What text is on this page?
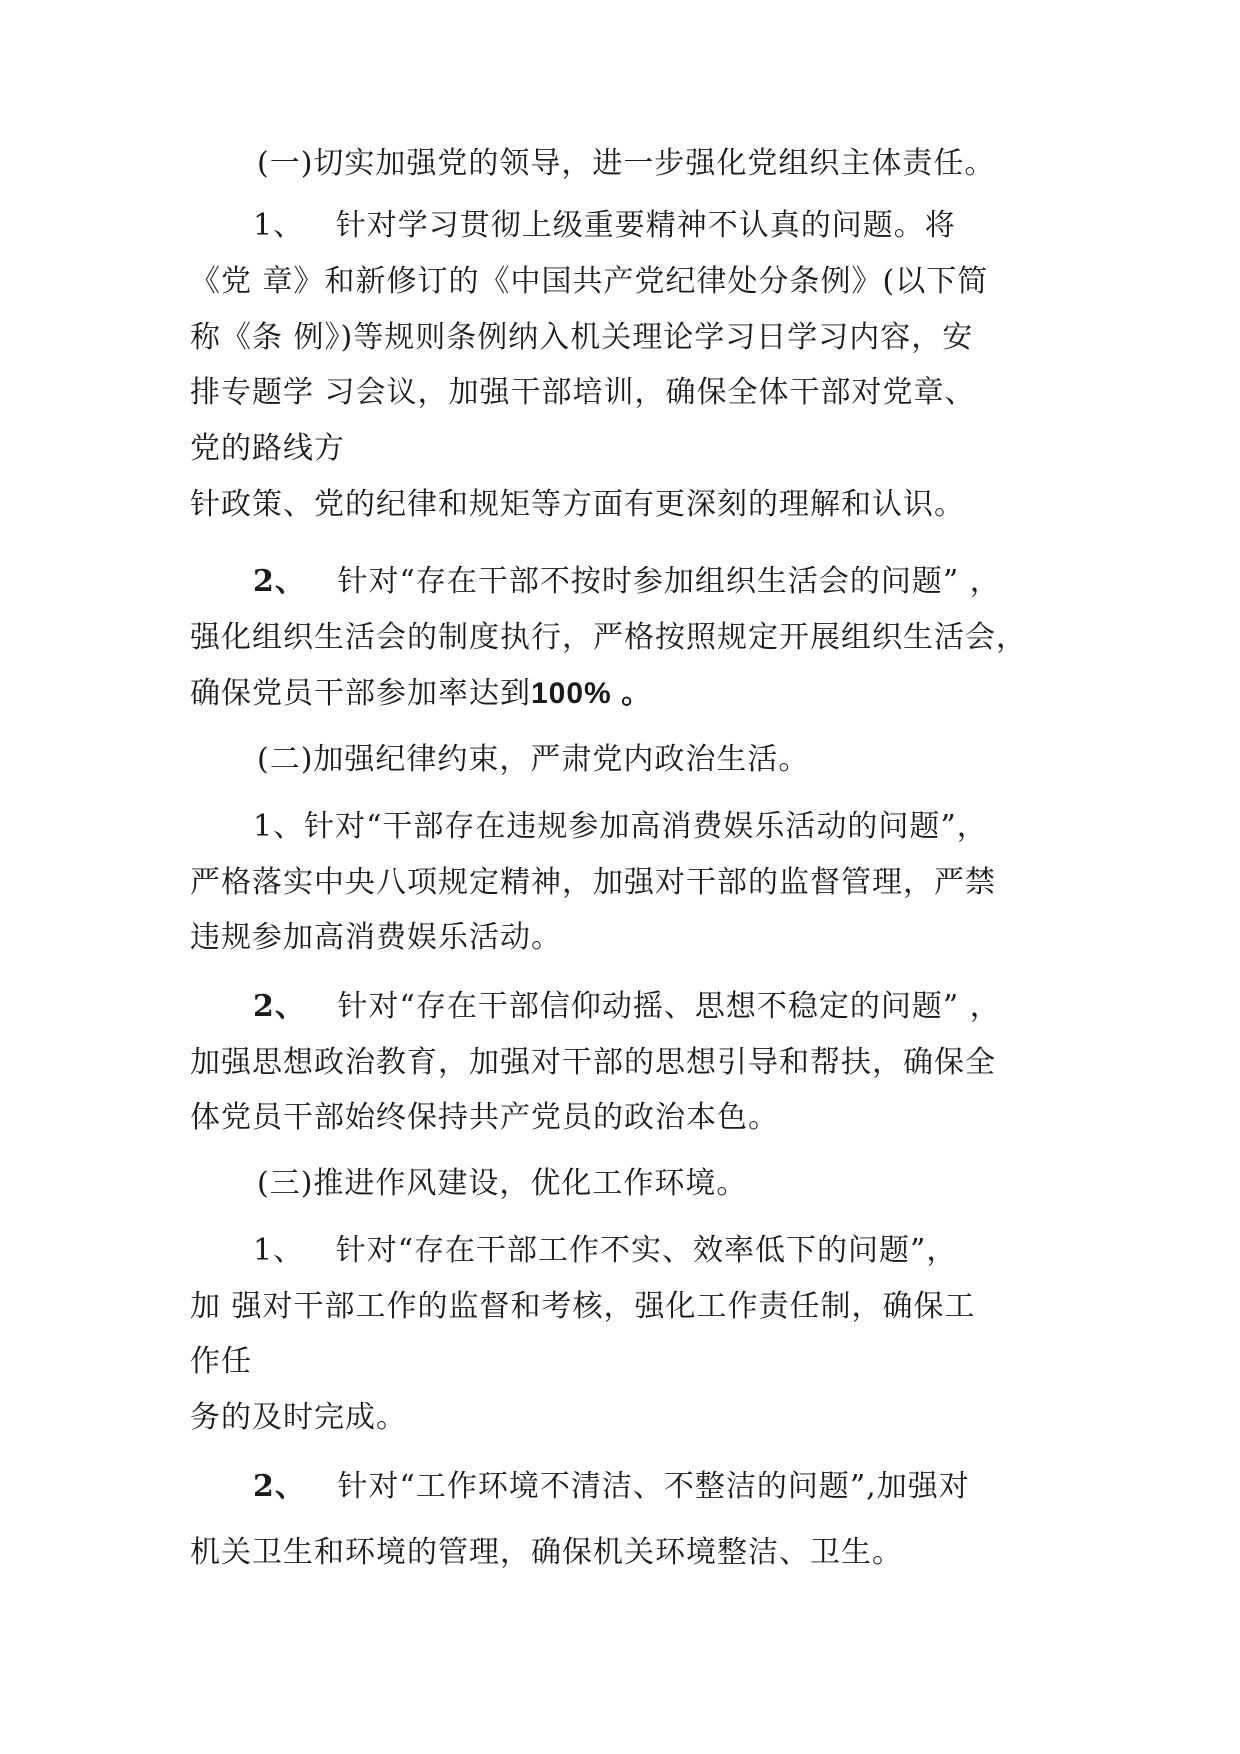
(一)切实加强党的领导，进一步强化党组织主体责任。
1、 针对学习贯彻上级重要精神不认真的问题。将
《党 章》和新修订的《中国共产党纪律处分条例》(以下简
称《条 例》)等规则条例纳入机关理论学习日学习内容，安
排专题学 习会议，加强干部培训，确保全体干部对党章、
党的路线方
针政策、党的纪律和规矩等方面有更深刻的理解和认识。
2、 针对“存在干部不按时参加组织生活会的问题” ，
强化组织生活会的制度执行，严格按照规定开展组织生活会，
确保党员干部参加率达到100% 。
(二)加强纪律约束，严肃党内政治生活。
1、针对“干部存在违规参加高消费娱乐活动的问题”，
严格落实中央八项规定精神，加强对干部的监督管理，严禁
违规参加高消费娱乐活动。
2、 针对“存在干部信仰动摇、思想不稳定的问题” ，
加强思想政治教育，加强对干部的思想引导和帮扶，确保全
体党员干部始终保持共产党员的政治本色。
(三)推进作风建设，优化工作环境。
1、 针对“存在干部工作不实、效率低下的问题”，
加 强对干部工作的监督和考核，强化工作责任制，确保工
作任
务的及时完成。
2、 针对“工作环境不清洁、不整洁的问题”,加强对
机关卫生和环境的管理，确保机关环境整洁、卫生。
